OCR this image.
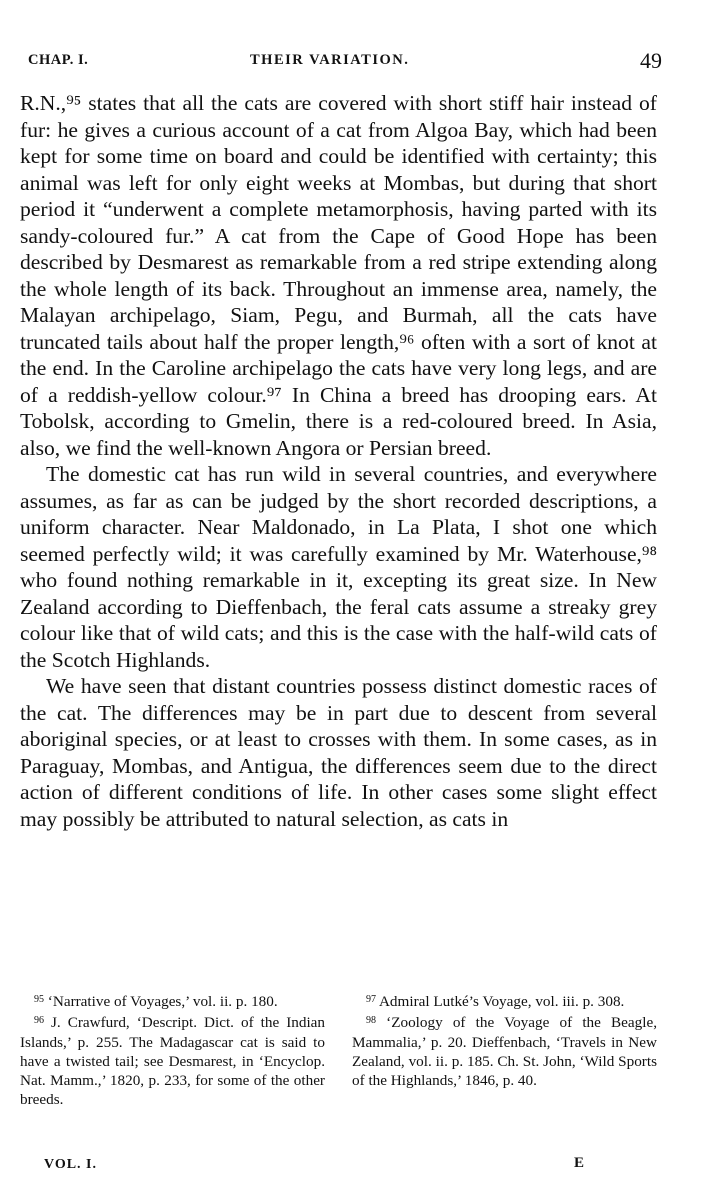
CHAP. I.	THEIR VARIATION.	49

R.N.,⁹⁵ states that all the cats are covered with short stiff hair instead of fur: he gives a curious account of a cat from Algoa Bay, which had been kept for some time on board and could be identified with certainty; this animal was left for only eight weeks at Mombas, but during that short period it “underwent a complete metamorphosis, having parted with its sandy-coloured fur.” A cat from the Cape of Good Hope has been described by Desmarest as remarkable from a red stripe extending along the whole length of its back. Throughout an immense area, namely, the Malayan archipelago, Siam, Pegu, and Burmah, all the cats have truncated tails about half the proper length,⁹⁶ often with a sort of knot at the end. In the Caroline archipelago the cats have very long legs, and are of a reddish-yellow colour.⁹⁷ In China a breed has drooping ears. At Tobolsk, according to Gmelin, there is a red-coloured breed. In Asia, also, we find the well-known Angora or Persian breed.

The domestic cat has run wild in several countries, and everywhere assumes, as far as can be judged by the short recorded descriptions, a uniform character. Near Maldonado, in La Plata, I shot one which seemed perfectly wild; it was carefully examined by Mr. Waterhouse,⁹⁸ who found nothing remarkable in it, excepting its great size. In New Zealand according to Dieffenbach, the feral cats assume a streaky grey colour like that of wild cats; and this is the case with the half-wild cats of the Scotch Highlands.

We have seen that distant countries possess distinct domestic races of the cat. The differences may be in part due to descent from several aboriginal species, or at least to crosses with them. In some cases, as in Paraguay, Mombas, and Antigua, the differences seem due to the direct action of different conditions of life. In other cases some slight effect may possibly be attributed to natural selection, as cats in

$^{95}$ ‘Narrative of Voyages,’ vol. ii. p. 180.

$^{96}$ J. Crawfurd, ‘Descript. Dict. of the Indian Islands,’ p. 255. The Madagascar cat is said to have a twisted tail; see Desmarest, in ‘Encyclop. Nat. Mamm.,’ 1820, p. 233, for some of the other breeds.

$^{97}$ Admiral Lutké’s Voyage, vol. iii. p. 308.

$^{98}$ ‘Zoology of the Voyage of the Beagle, Mammalia,’ p. 20. Dieffenbach, ‘Travels in New Zealand, vol. ii. p. 185. Ch. St. John, ‘Wild Sports of the Highlands,’ 1846, p. 40.

VOL. I.	E
